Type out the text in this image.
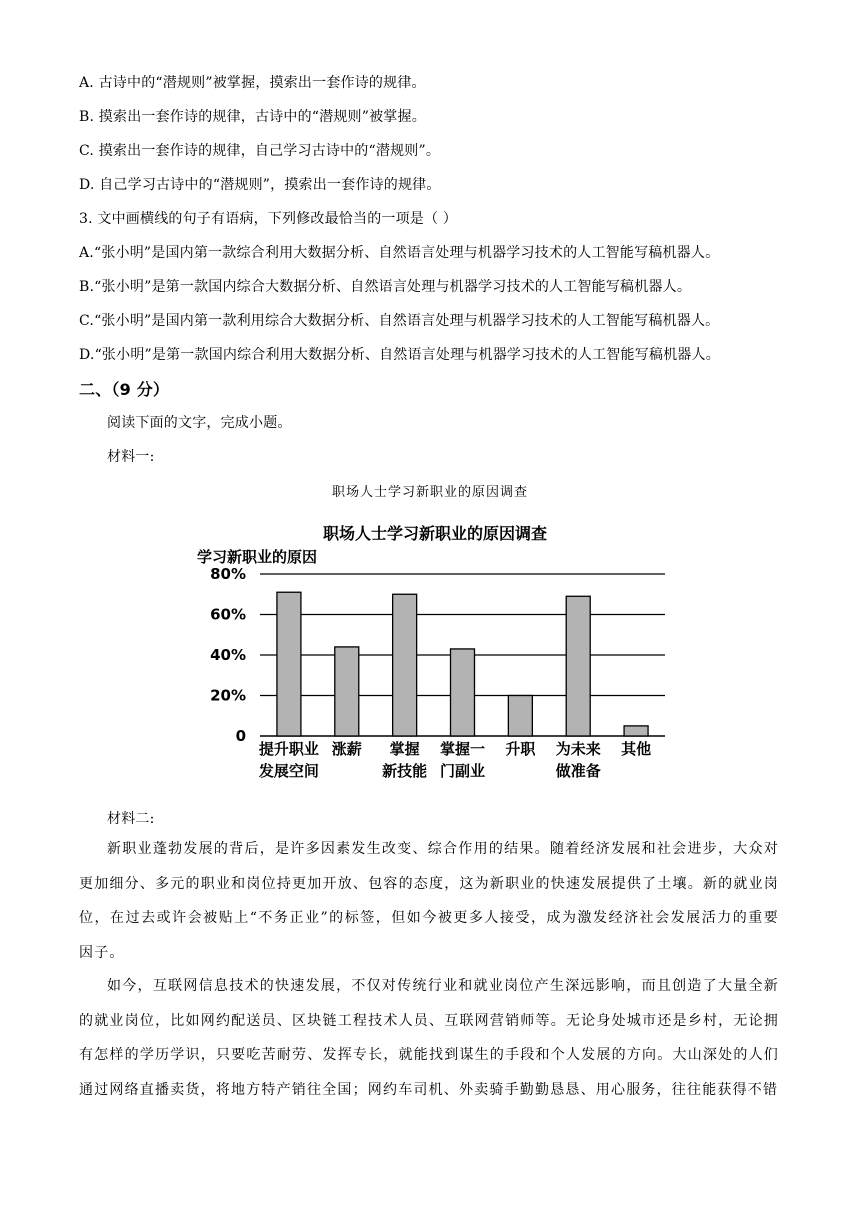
A. 古诗中的“潜规则”被掌握，摸索出一套作诗的规律。
B. 摸索出一套作诗的规律，古诗中的“潜规则”被掌握。
C. 摸索出一套作诗的规律，自己学习古诗中的“潜规则”。
D. 自己学习古诗中的“潜规则”，摸索出一套作诗的规律。
3. 文中画横线的句子有语病，下列修改最恰当的一项是（ ）
A.“张小明”是国内第一款综合利用大数据分析、自然语言处理与机器学习技术的人工智能写稿机器人。
B.“张小明”是第一款国内综合大数据分析、自然语言处理与机器学习技术的人工智能写稿机器人。
C.“张小明”是国内第一款利用综合大数据分析、自然语言处理与机器学习技术的人工智能写稿机器人。
D.“张小明”是第一款国内综合利用大数据分析、自然语言处理与机器学习技术的人工智能写稿机器人。
二、（9 分）
阅读下面的文字，完成小题。
材料一:
职场人士学习新职业的原因调查
职场人士学习新职业的原因调查
学习新职业的原因
0
20%
40%
60%
80%
提升职业
发展空间
涨薪 掌握
新技能
掌握一
门副业
升职 为未来
做准备
其他
材料二:
新职业蓬勃发展的背后，是许多因素发生改变、综合作用的结果。随着经济发展和社会进步，大众对更加细分、多元的职业和岗位持更加开放、包容的态度，这为新职业的快速发展提供了土壤。新的就业岗位，在过去或许会被贴上“不务正业”的标签，但如今被更多人接受，成为激发经济社会发展活力的重要因子。
如今，互联网信息技术的快速发展，不仅对传统行业和就业岗位产生深远影响，而且创造了大量全新的就业岗位，比如网约配送员、区块链工程技术人员、互联网营销师等。无论身处城市还是乡村，无论拥有怎样的学历学识，只要吃苦耐劳、发挥专长，就能找到谋生的手段和个人发展的方向。大山深处的人们通过网络直播卖货，将地方特产销往全国；网约车司机、外卖骑手勤勤恳恳、用心服务，往往能获得不错
